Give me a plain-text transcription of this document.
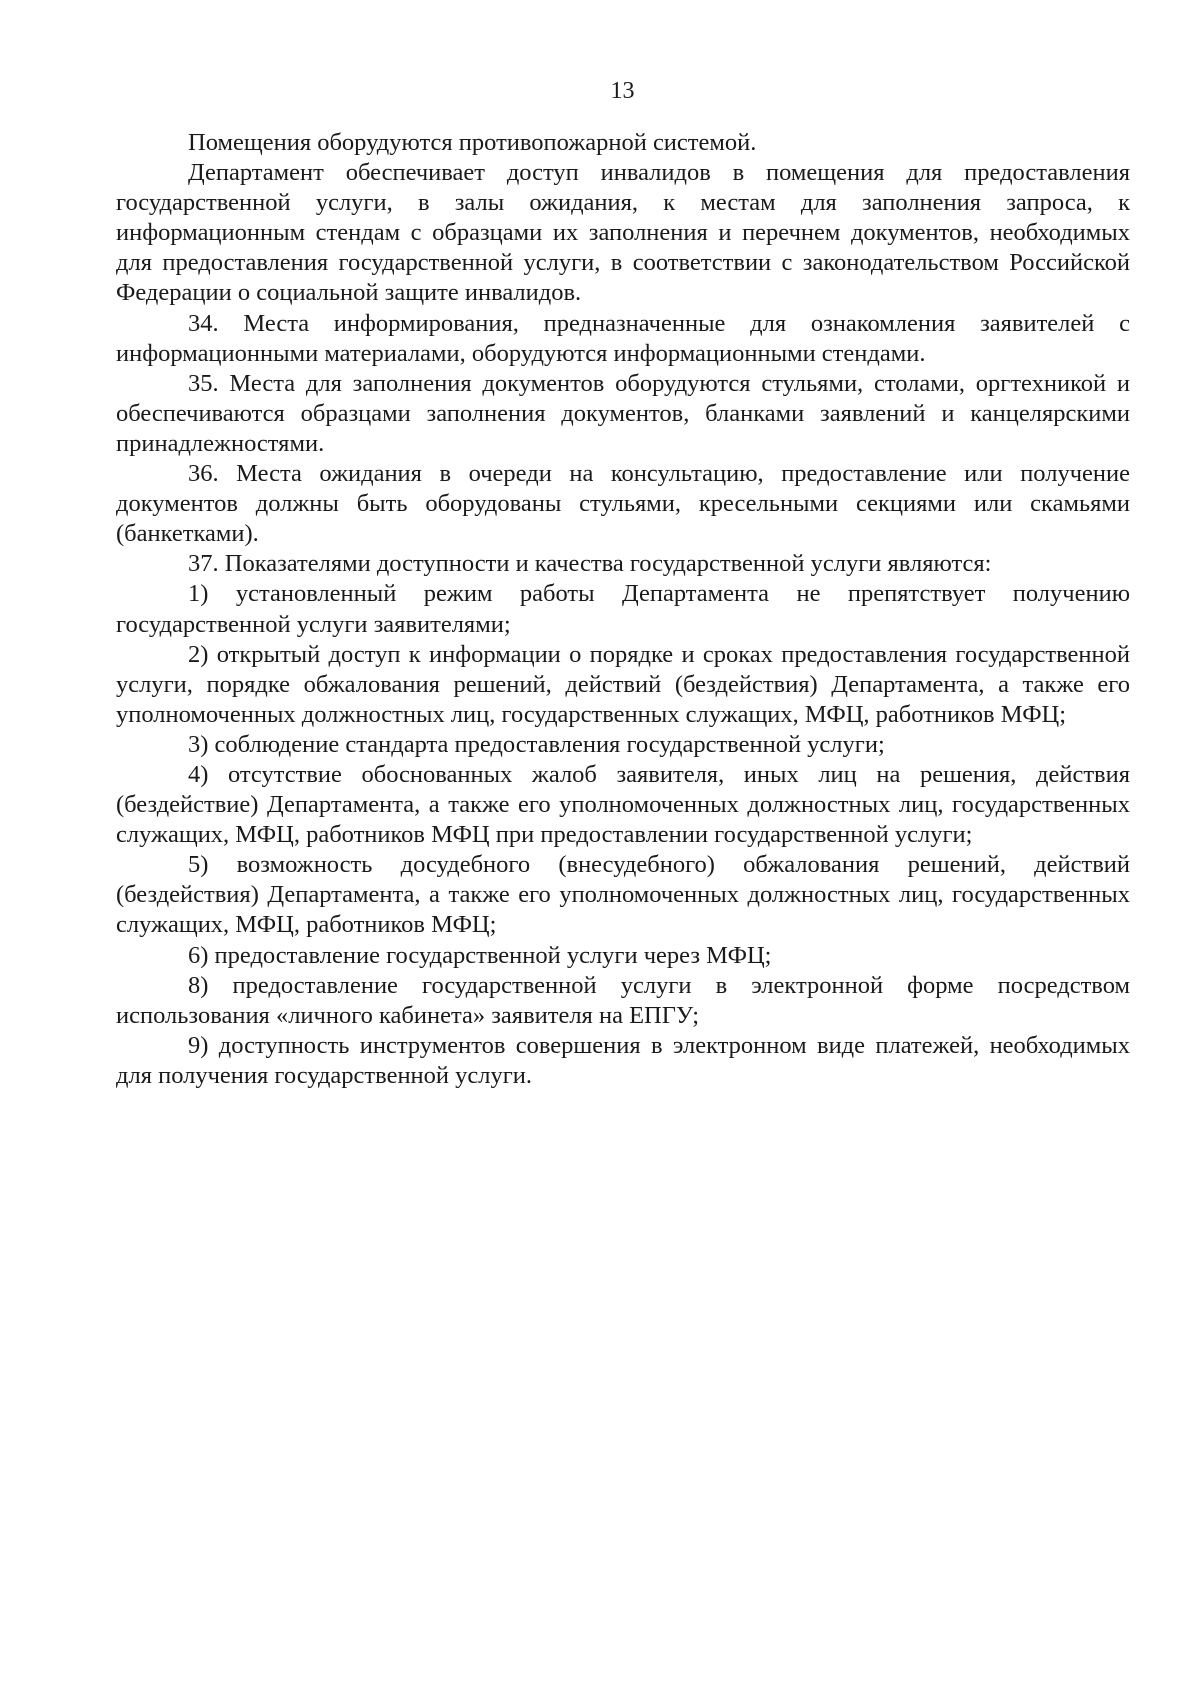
13

Помещения оборудуются противопожарной системой.

Департамент обеспечивает доступ инвалидов в помещения для предоставления государственной услуги, в залы ожидания, к местам для заполнения запроса, к информационным стендам с образцами их заполнения и перечнем документов, необходимых для предоставления государственной услуги, в соответствии с законодательством Российской Федерации о социальной защите инвалидов.

34. Места информирования, предназначенные для ознакомления заявителей с информационными материалами, оборудуются информационными стендами.

35. Места для заполнения документов оборудуются стульями, столами, оргтехникой и обеспечиваются образцами заполнения документов, бланками заявлений и канцелярскими принадлежностями.

36. Места ожидания в очереди на консультацию, предоставление или получение документов должны быть оборудованы стульями, кресельными секциями или скамьями (банкетками).

37. Показателями доступности и качества государственной услуги являются:

1) установленный режим работы Департамента не препятствует получению государственной услуги заявителями;

2) открытый доступ к информации о порядке и сроках предоставления государственной услуги, порядке обжалования решений, действий (бездействия) Департамента, а также его уполномоченных должностных лиц, государственных служащих, МФЦ, работников МФЦ;

3) соблюдение стандарта предоставления государственной услуги;

4) отсутствие обоснованных жалоб заявителя, иных лиц на решения, действия (бездействие) Департамента, а также его уполномоченных должностных лиц, государственных служащих, МФЦ, работников МФЦ при предоставлении государственной услуги;

5) возможность досудебного (внесудебного) обжалования решений, действий (бездействия) Департамента, а также его уполномоченных должностных лиц, государственных служащих, МФЦ, работников МФЦ;

6) предоставление государственной услуги через МФЦ;

8) предоставление государственной услуги в электронной форме посредством использования «личного кабинета» заявителя на ЕПГУ;

9) доступность инструментов совершения в электронном виде платежей, необходимых для получения государственной услуги.
